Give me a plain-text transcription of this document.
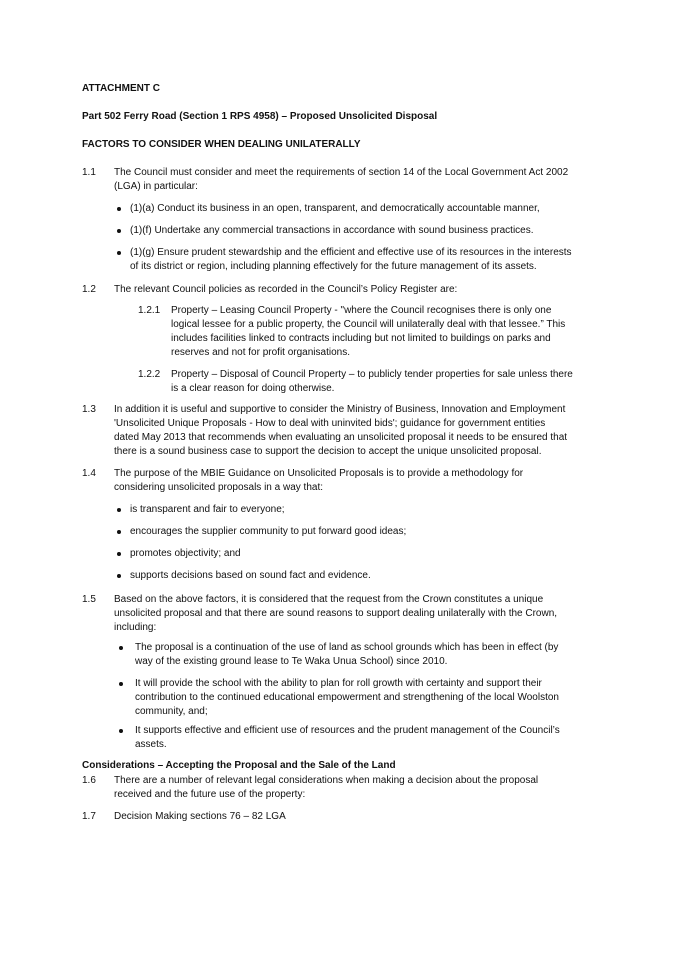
ATTACHMENT C
Part 502 Ferry Road (Section 1 RPS 4958) – Proposed Unsolicited Disposal
FACTORS TO CONSIDER WHEN DEALING UNILATERALLY
1.1 The Council must consider and meet the requirements of section 14 of the Local Government Act 2002
(LGA) in particular:
(1)(a) Conduct its business in an open, transparent, and democratically accountable manner,
(1)(f) Undertake any commercial transactions in accordance with sound business practices.
(1)(g) Ensure prudent stewardship and the efficient and effective use of its resources in the interests
of its district or region, including planning effectively for the future management of its assets.
1.2 The relevant Council policies as recorded in the Council’s Policy Register are:
1.2.1 Property – Leasing Council Property - "where the Council recognises there is only one
logical lessee for a public property, the Council will unilaterally deal with that lessee.” This
includes facilities linked to contracts including but not limited to buildings on parks and
reserves and not for profit organisations.
1.2.2 Property – Disposal of Council Property – to publicly tender properties for sale unless there
is a clear reason for doing otherwise.
1.3 In addition it is useful and supportive to consider the Ministry of Business, Innovation and Employment
'Unsolicited Unique Proposals - How to deal with uninvited bids'; guidance for government entities
dated May 2013 that recommends when evaluating an unsolicited proposal it needs to be ensured that
there is a sound business case to support the decision to accept the unique unsolicited proposal.
1.4 The purpose of the MBIE Guidance on Unsolicited Proposals is to provide a methodology for
considering unsolicited proposals in a way that:
is transparent and fair to everyone;
encourages the supplier community to put forward good ideas;
promotes objectivity; and
supports decisions based on sound fact and evidence.
1.5 Based on the above factors, it is considered that the request from the Crown constitutes a unique
unsolicited proposal and that there are sound reasons to support dealing unilaterally with the Crown,
including:
The proposal is a continuation of the use of land as school grounds which has been in effect (by
way of the existing ground lease to Te Waka Unua School) since 2010.
It will provide the school with the ability to plan for roll growth with certainty and support their
contribution to the continued educational empowerment and strengthening of the local Woolston
community, and;
It supports effective and efficient use of resources and the prudent management of the Council’s
assets.
Considerations – Accepting the Proposal and the Sale of the Land
1.6 There are a number of relevant legal considerations when making a decision about the proposal
received and the future use of the property:
1.7 Decision Making sections 76 – 82 LGA
